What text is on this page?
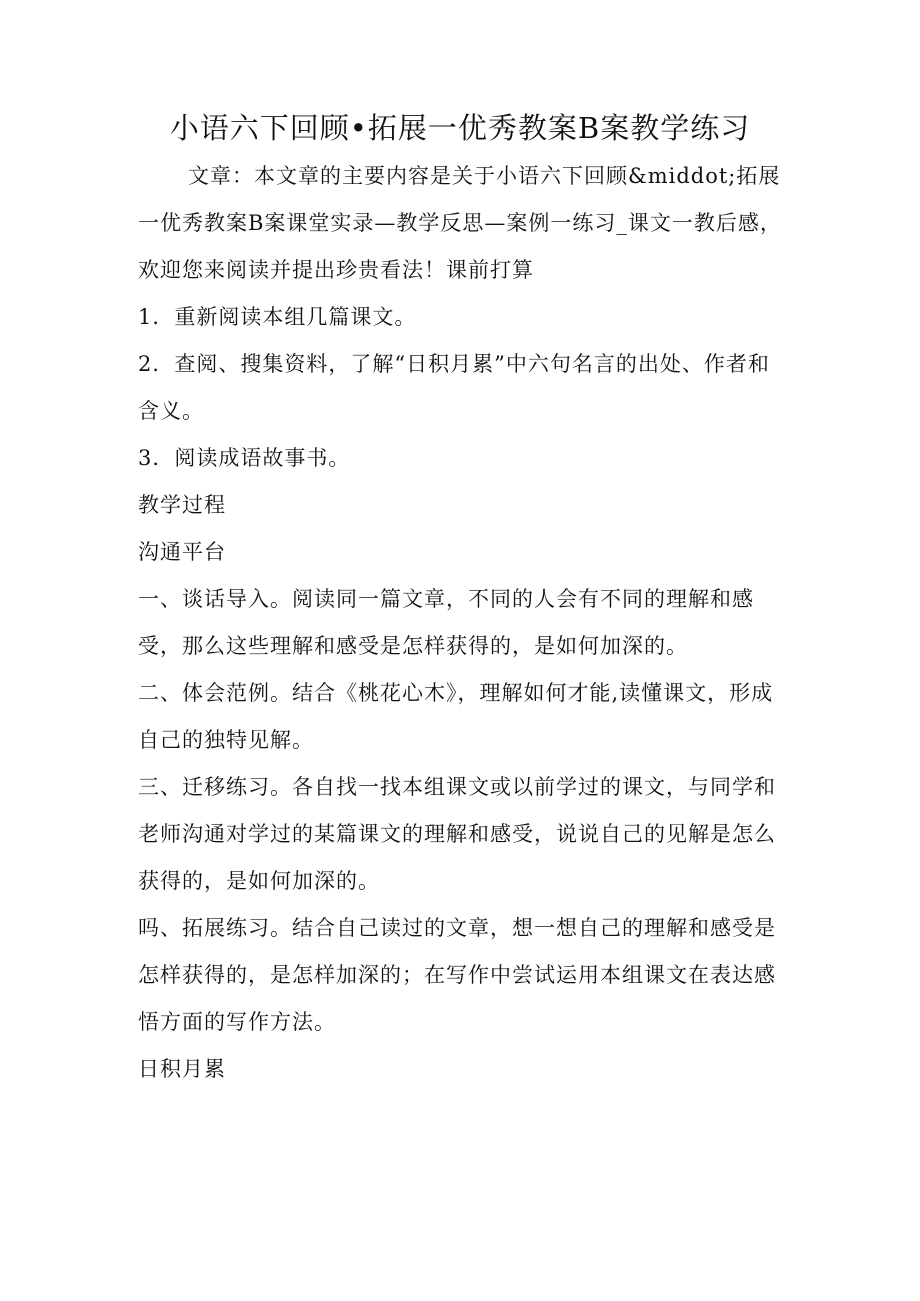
小语六下回顾•拓展一优秀教案B案教学练习

文章：本文章的主要内容是关于小语六下回顾&middot;拓展一优秀教案B案课堂实录—教学反思—案例一练习_课文一教后感，欢迎您来阅读并提出珍贵看法！课前打算

1．重新阅读本组几篇课文。

2．查阅、搜集资料，了解“日积月累”中六句名言的出处、作者和含义。

3．阅读成语故事书。

教学过程

沟通平台

一、谈话导入。阅读同一篇文章，不同的人会有不同的理解和感受，那么这些理解和感受是怎样获得的，是如何加深的。

二、体会范例。结合《桃花心木》，理解如何才能,读懂课文，形成自己的独特见解。

三、迁移练习。各自找一找本组课文或以前学过的课文，与同学和老师沟通对学过的某篇课文的理解和感受，说说自己的见解是怎么获得的，是如何加深的。

吗、拓展练习。结合自己读过的文章，想一想自己的理解和感受是怎样获得的，是怎样加深的；在写作中尝试运用本组课文在表达感悟方面的写作方法。

日积月累
